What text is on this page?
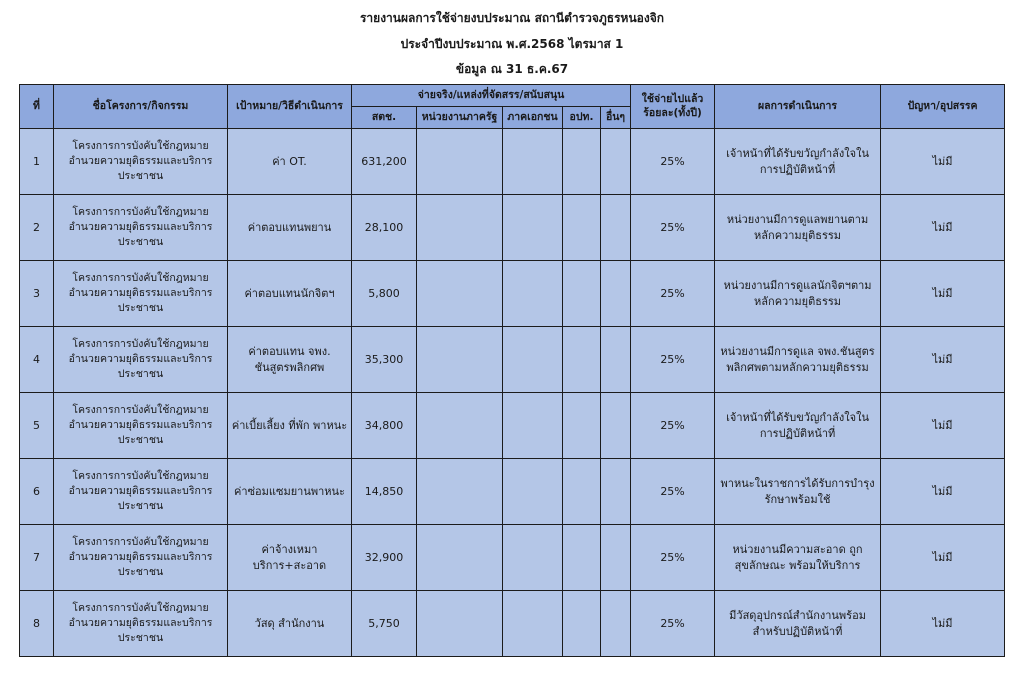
รายงานผลการใช้จ่ายงบประมาณ สถานีตำรวจภูธรหนองจิก
ประจำปีงบประมาณ พ.ศ.2568 ไตรมาส 1
ข้อมูล ณ 31 ธ.ค.67
ที่	ชื่อโครงการ/กิจกรรม	เป้าหมาย/วิธีดำเนินการ	จ่ายจริง/แหล่งที่จัดสรร/สนับสนุน					ใช้จ่ายไปแล้ว
ร้อยละ(ทั้งปี)	ผลการดำเนินการ	ปัญหา/อุปสรรค
			สตช.	หน่วยงานภาครัฐ	ภาคเอกชน	อปท.	อื่นๆ			
1	โครงการการบังคับใช้กฎหมาย อำนวยความยุติธรรมและบริการประชาชน	ค่า OT.	631,200					25%	เจ้าหน้าที่ได้รับขวัญกำลังใจในการปฏิบัติหน้าที่	ไม่มี
2	โครงการการบังคับใช้กฎหมาย อำนวยความยุติธรรมและบริการประชาชน	ค่าตอบแทนพยาน	28,100					25%	หน่วยงานมีการดูแลพยานตามหลักความยุติธรรม	ไม่มี
3	โครงการการบังคับใช้กฎหมาย อำนวยความยุติธรรมและบริการประชาชน	ค่าตอบแทนนักจิตฯ	5,800					25%	หน่วยงานมีการดูแลนักจิตฯตามหลักความยุติธรรม	ไม่มี
4	โครงการการบังคับใช้กฎหมาย อำนวยความยุติธรรมและบริการประชาชน	ค่าตอบแทน จพง. ชันสูตรพลิกศพ	35,300					25%	หน่วยงานมีการดูแล จพง.ชันสูตรพลิกศพตามหลักความยุติธรรม	ไม่มี
5	โครงการการบังคับใช้กฎหมาย อำนวยความยุติธรรมและบริการประชาชน	ค่าเบี้ยเลี้ยง ที่พัก พาหนะ	34,800					25%	เจ้าหน้าที่ได้รับขวัญกำลังใจในการปฏิบัติหน้าที่	ไม่มี
6	โครงการการบังคับใช้กฎหมาย อำนวยความยุติธรรมและบริการประชาชน	ค่าซ่อมแซมยานพาหนะ	14,850					25%	พาหนะในราชการได้รับการบำรุงรักษาพร้อมใช้	ไม่มี
7	โครงการการบังคับใช้กฎหมาย อำนวยความยุติธรรมและบริการประชาชน	ค่าจ้างเหมา บริการ+สะอาด	32,900					25%	หน่วยงานมีความสะอาด ถูกสุขลักษณะ พร้อมให้บริการ	ไม่มี
8	โครงการการบังคับใช้กฎหมาย อำนวยความยุติธรรมและบริการประชาชน	วัสดุ สำนักงาน	5,750					25%	มีวัสดุอุปกรณ์สำนักงานพร้อมสำหรับปฏิบัติหน้าที่	ไม่มี
